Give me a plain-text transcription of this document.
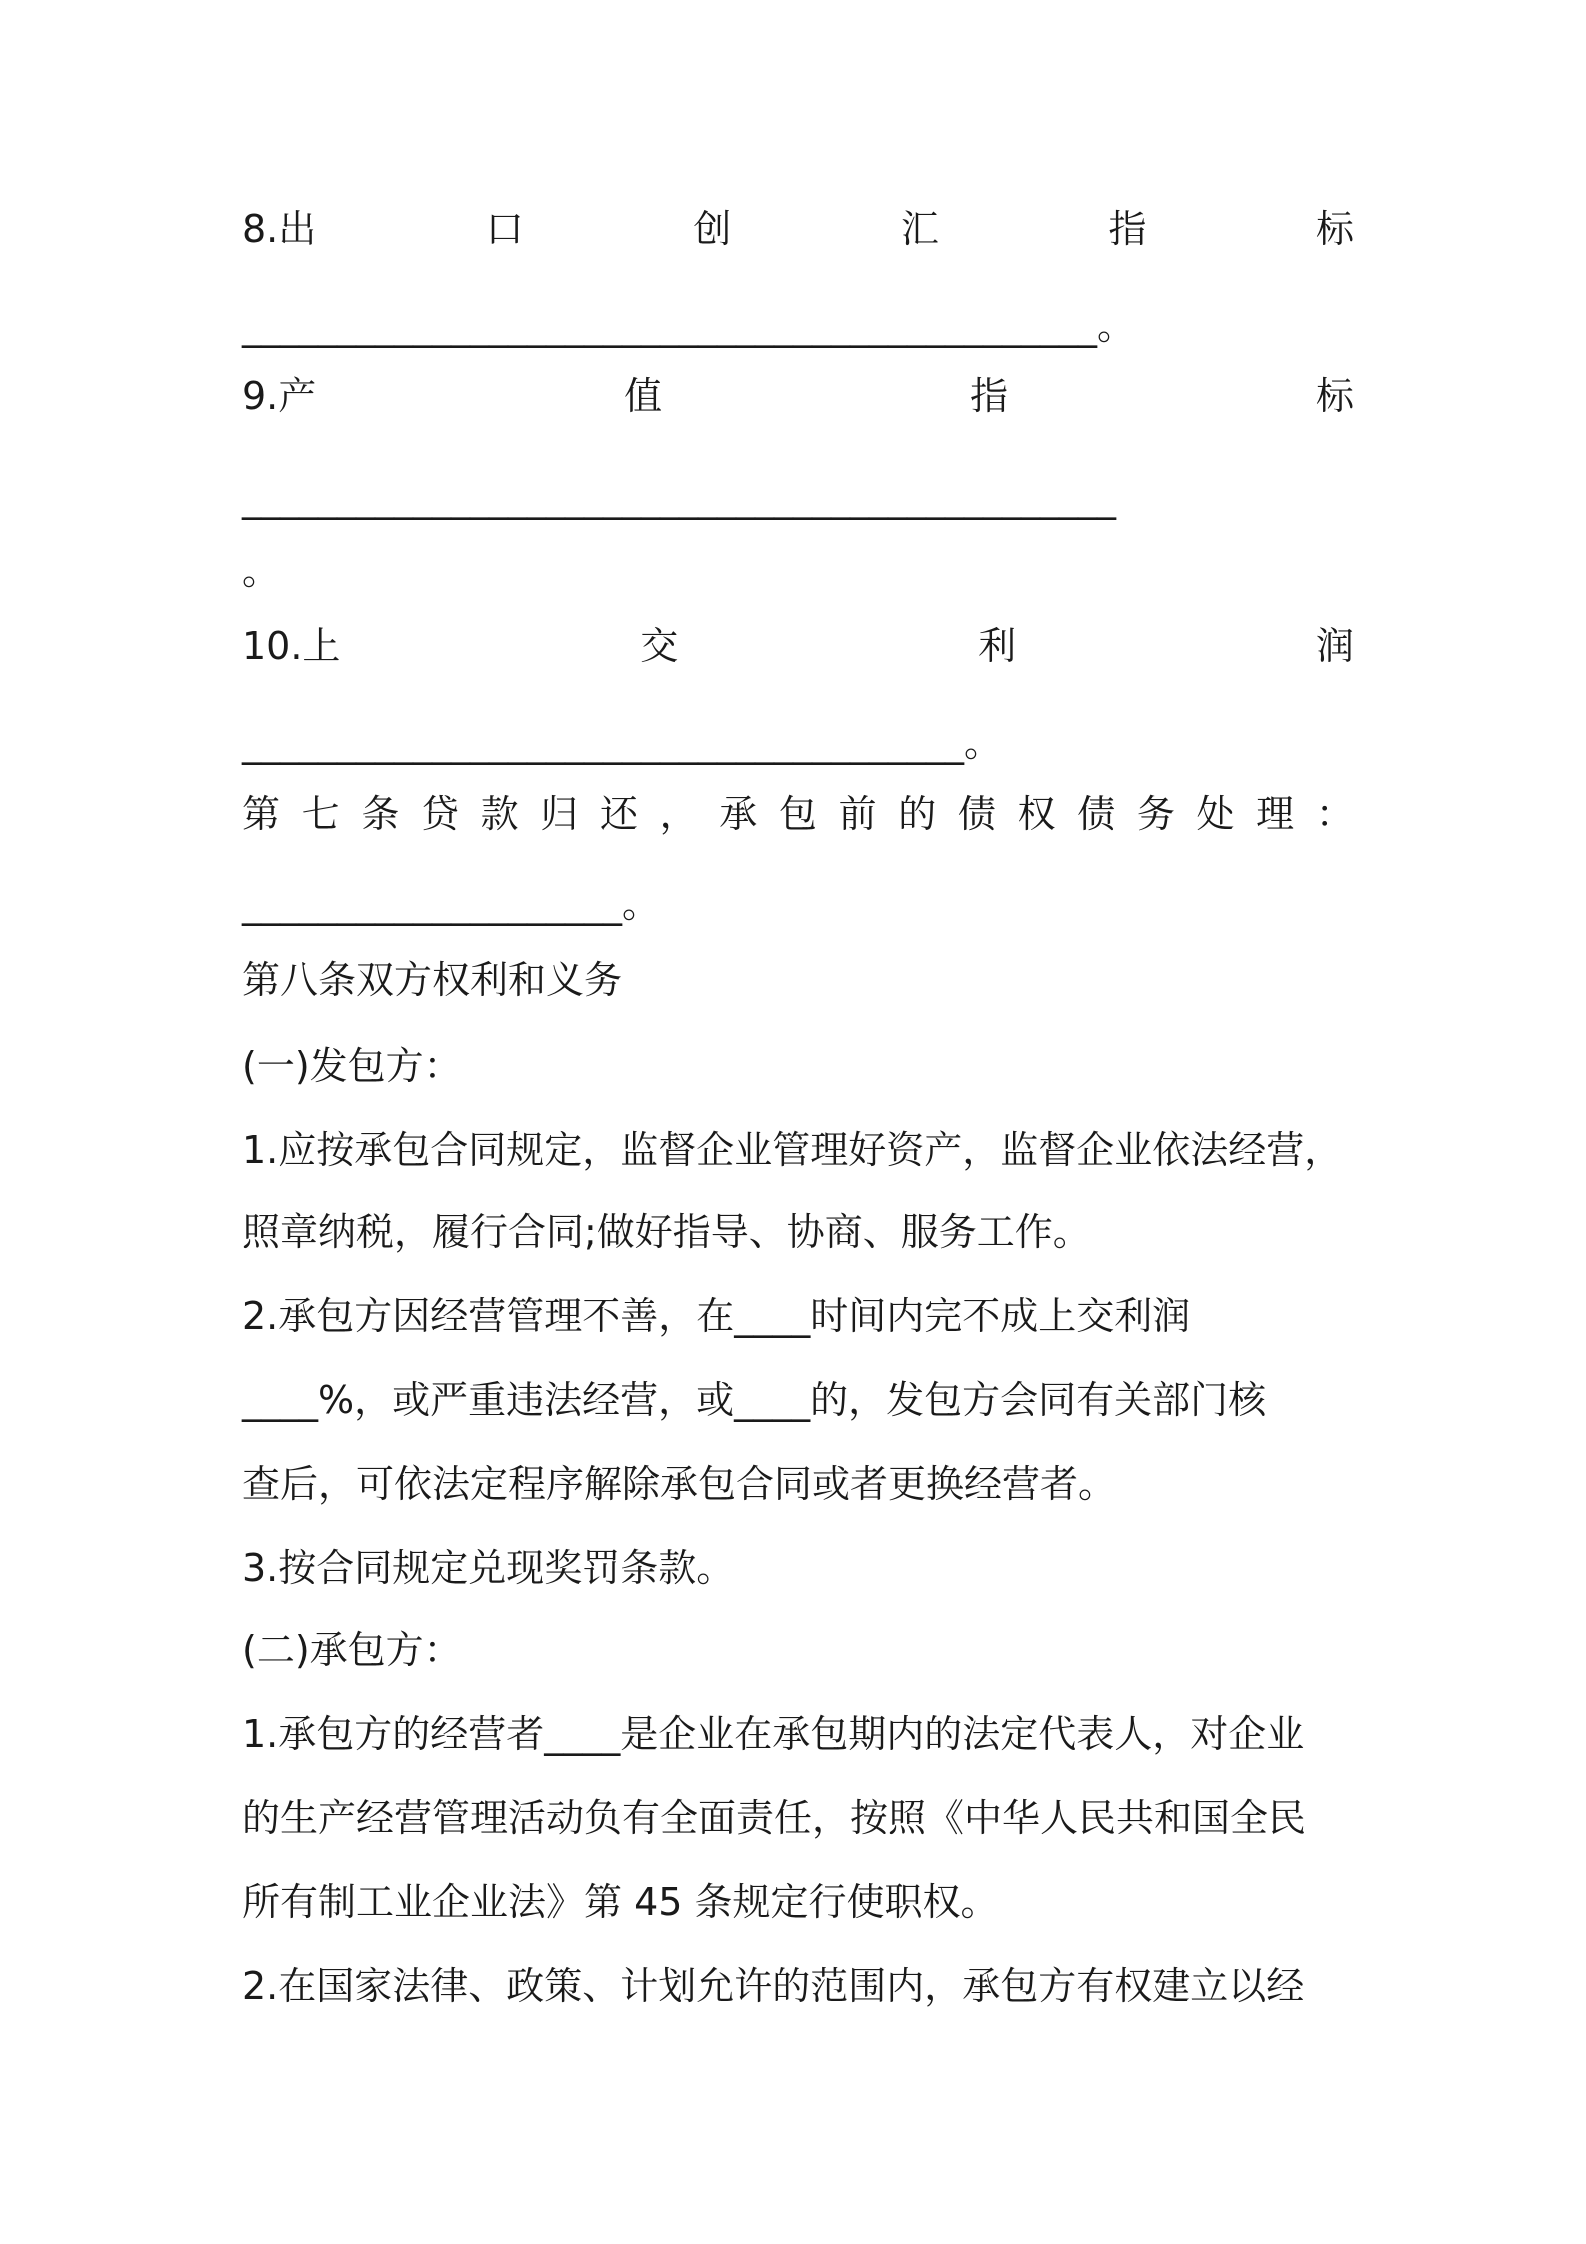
8.出	口	创	汇	指	标
_____________________________________________。
9.产	值	指	标
______________________________________________
。
10.上	交	利	润
______________________________________。
第 七 条 贷 款 归 还 ， 承 包 前 的 债 权 债 务 处 理 ：
____________________。
第八条双方权利和义务
(一)发包方：
1.应按承包合同规定，监督企业管理好资产，监督企业依法经营，
照章纳税，履行合同;做好指导、协商、服务工作。
2.承包方因经营管理不善，在____时间内完不成上交利润
____%，或严重违法经营，或____的，发包方会同有关部门核
查后，可依法定程序解除承包合同或者更换经营者。
3.按合同规定兑现奖罚条款。
(二)承包方：
1.承包方的经营者____是企业在承包期内的法定代表人，对企业
的生产经营管理活动负有全面责任，按照《中华人民共和国全民
所有制工业企业法》第 45 条规定行使职权。
2.在国家法律、政策、计划允许的范围内，承包方有权建立以经
